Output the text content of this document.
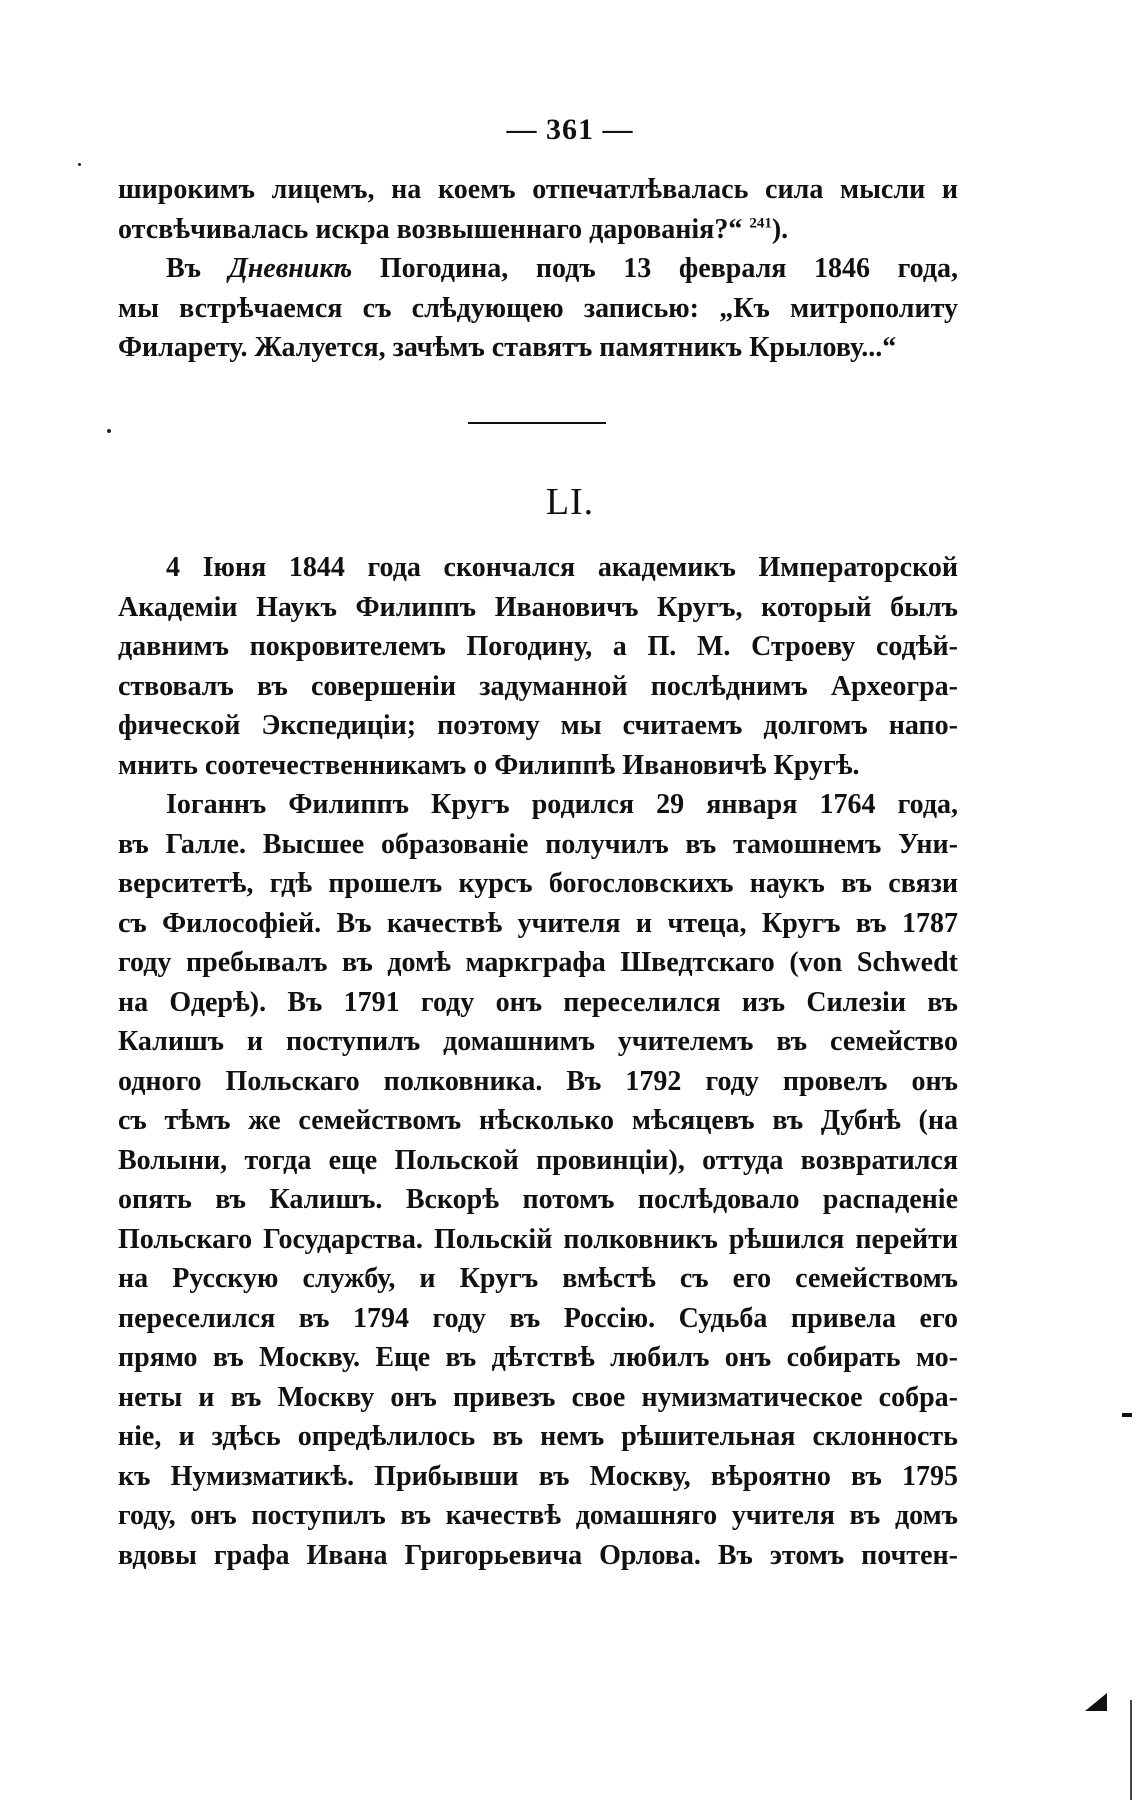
— 361 —
широкимъ лицемъ, на коемъ отпечатлѣвалась сила мысли и
отсвѣчивалась искра возвышеннаго дарованія?“ $^{241}$).
Въ Дневникѣ Погодина, подъ 13 февраля 1846 года,
мы встрѣчаемся съ слѣдующею записью: „Къ митрополиту
Филарету. Жалуется, зачѣмъ ставятъ памятникъ Крылову...“
LI.
4 Іюня 1844 года скончался академикъ Императорской
Академіи Наукъ Филиппъ Ивановичъ Кругъ, который былъ
давнимъ покровителемъ Погодину, а П. М. Строеву содѣй-
ствовалъ въ совершеніи задуманной послѣднимъ Археогра-
фической Экспедиціи; поэтому мы считаемъ долгомъ напо-
мнить соотечественникамъ о Филиппѣ Ивановичѣ Кругѣ.
Іоганнъ Филиппъ Кругъ родился 29 января 1764 года,
въ Галле. Высшее образованіе получилъ въ тамошнемъ Уни-
верситетѣ, гдѣ прошелъ курсъ богословскихъ наукъ въ связи
съ Философіей. Въ качествѣ учителя и чтеца, Кругъ въ 1787
году пребывалъ въ домѣ маркграфа Шведтскаго (von Schwedt
на Одерѣ). Въ 1791 году онъ переселился изъ Силезіи въ
Калишъ и поступилъ домашнимъ учителемъ въ семейство
одного Польскаго полковника. Въ 1792 году провелъ онъ
съ тѣмъ же семействомъ нѣсколько мѣсяцевъ въ Дубнѣ (на
Волыни, тогда еще Польской провинціи), оттуда возвратился
опять въ Калишъ. Вскорѣ потомъ послѣдовало распаденіе
Польскаго Государства. Польскій полковникъ рѣшился перейти
на Русскую службу, и Кругъ вмѣстѣ съ его семействомъ
переселился въ 1794 году въ Россію. Судьба привела его
прямо въ Москву. Еще въ дѣтствѣ любилъ онъ собирать мо-
неты и въ Москву онъ привезъ свое нумизматическое собра-
ніе, и здѣсь опредѣлилось въ немъ рѣшительная склонность
къ Нумизматикѣ. Прибывши въ Москву, вѣроятно въ 1795
году, онъ поступилъ въ качествѣ домашняго учителя въ домъ
вдовы графа Ивана Григорьевича Орлова. Въ этомъ почтен-
